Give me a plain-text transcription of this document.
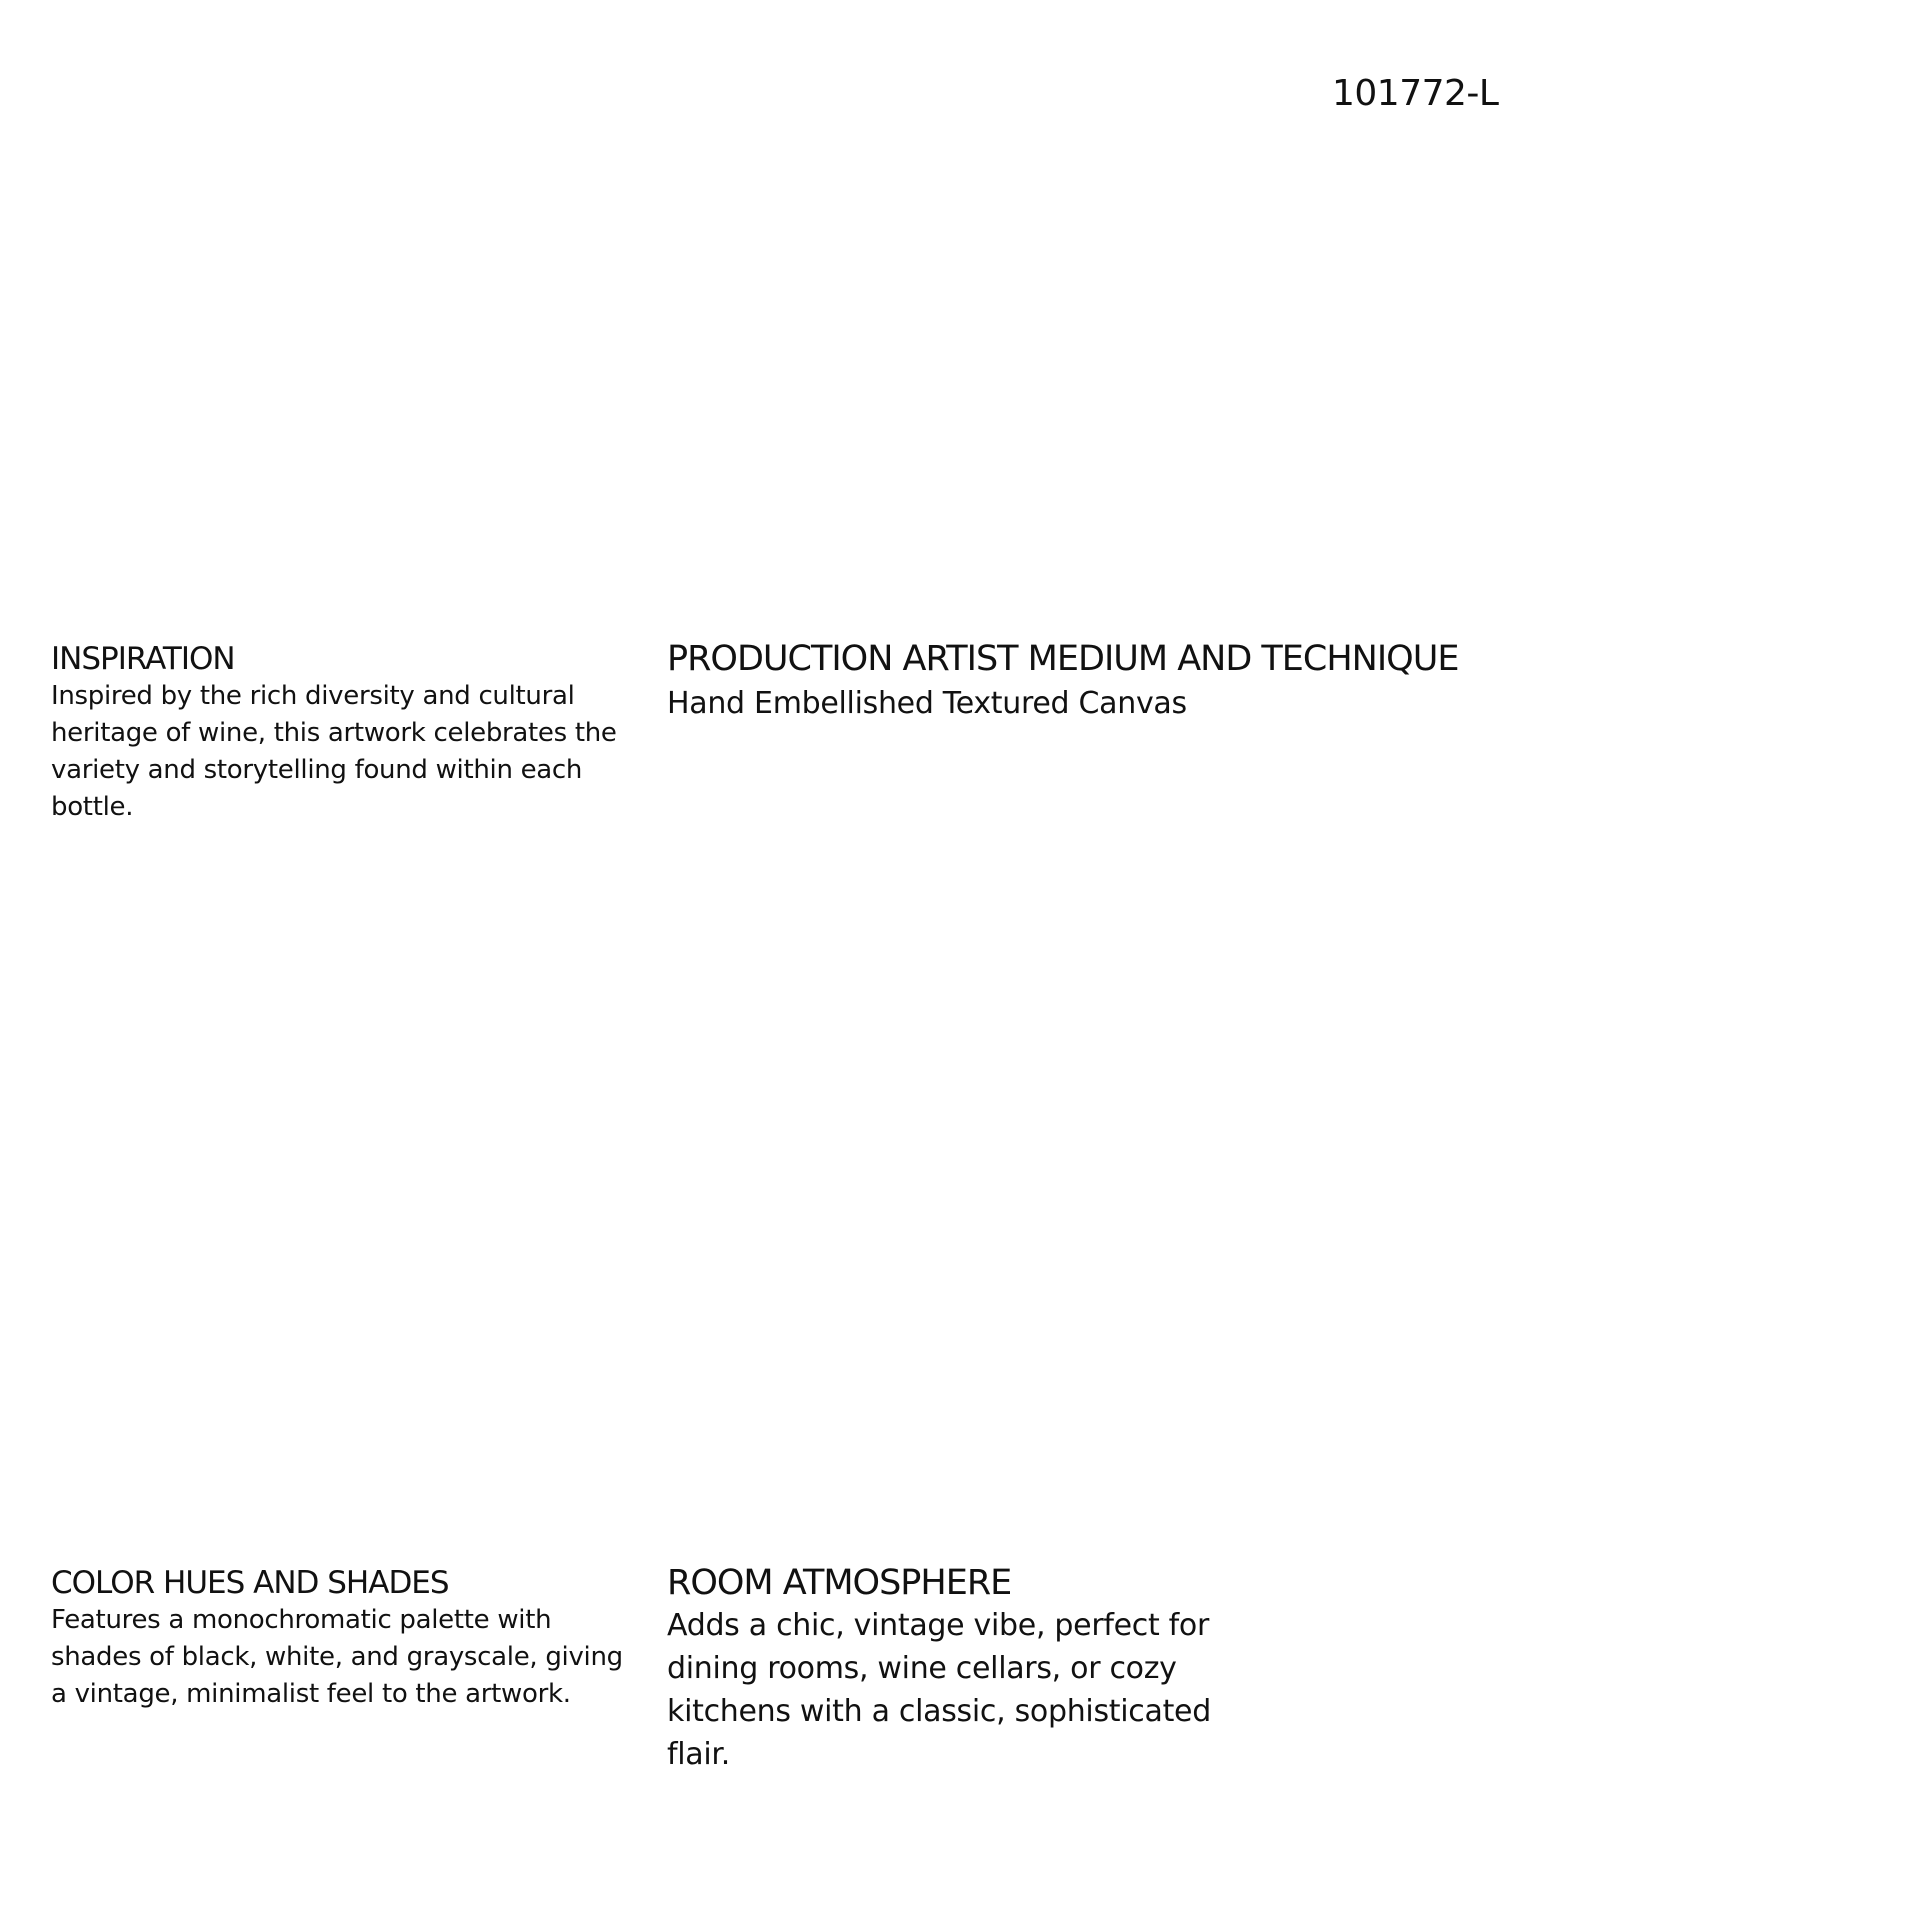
101772-L
INSPIRATION
Inspired by the rich diversity and cultural heritage of wine, this artwork celebrates the variety and storytelling found within each bottle.
PRODUCTION ARTIST MEDIUM AND TECHNIQUE
Hand Embellished Textured Canvas
COLOR HUES AND SHADES
Features a monochromatic palette with shades of black, white, and grayscale, giving a vintage, minimalist feel to the artwork.
ROOM ATMOSPHERE
Adds a chic, vintage vibe, perfect for dining rooms, wine cellars, or cozy kitchens with a classic, sophisticated flair.
